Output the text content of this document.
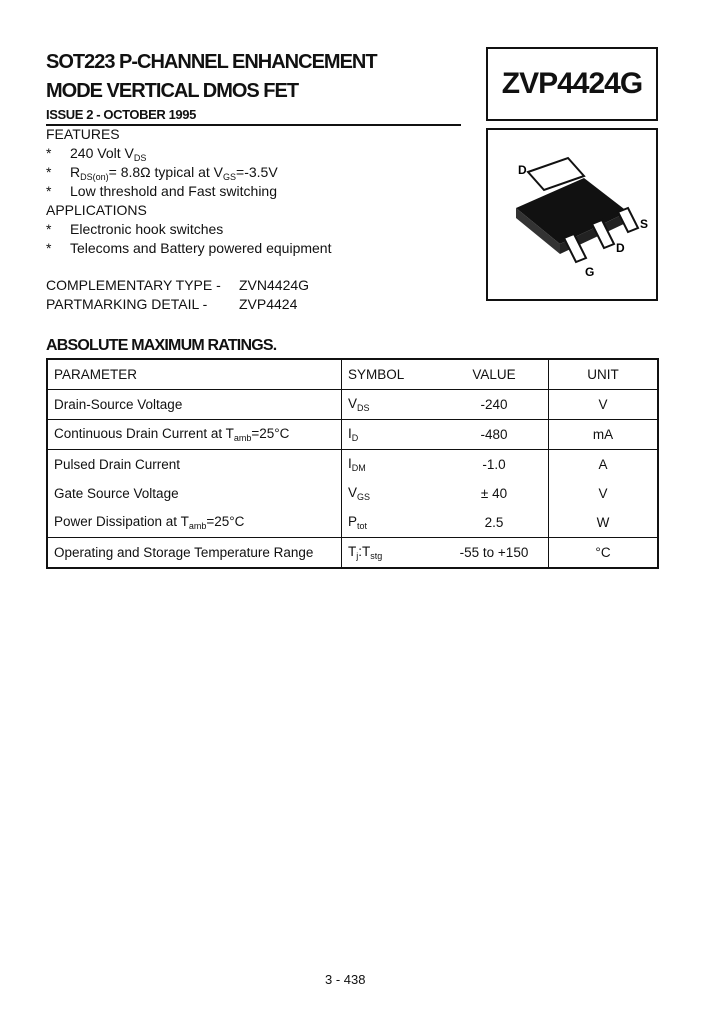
SOT223 P-CHANNEL ENHANCEMENT
MODE VERTICAL DMOS FET
ISSUE 2 - OCTOBER 1995
ZVP4424G
D
S
D
G
FEATURES
* 240 Volt $V_{DS}$
* $R_{DS(on)}= 8.8\Omega$ typical at $V_{GS}=-3.5V$
* Low threshold and Fast switching
APPLICATIONS
* Electronic hook switches
* Telecoms and Battery powered equipment
COMPLEMENTARY TYPE - ZVN4424G
PARTMARKING DETAIL - ZVP4424
ABSOLUTE MAXIMUM RATINGS.
PARAMETER	SYMBOL	VALUE	UNIT
Drain-Source Voltage	$V_{DS}$	-240	V
Continuous Drain Current at $T_{amb}=25^\circ C$	$I_D$	-480	mA
Pulsed Drain Current	$I_{DM}$	-1.0	A
Gate Source Voltage	$V_{GS}$	± 40	V
Power Dissipation at $T_{amb}=25^\circ C$	$P_{tot}$	2.5	W
Operating and Storage Temperature Range	$T_j:T_{stg}$	-55 to +150	°C
3 - 438
